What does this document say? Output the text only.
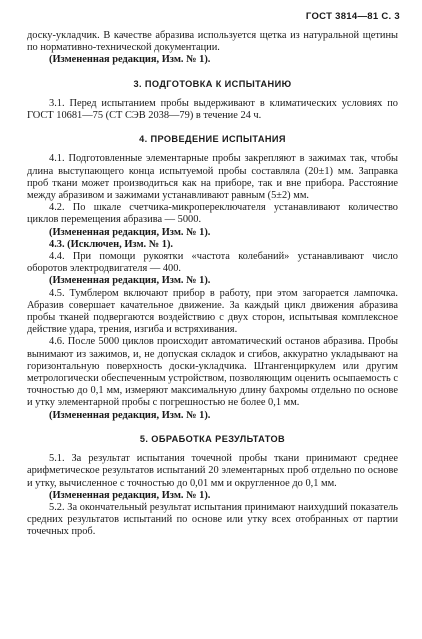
ГОСТ 3814—81 С. 3

доску-укладчик. В качестве абразива используется щетка из натуральной щетины по нормативно-технической документации.

(Измененная редакция, Изм. № 1).

3. ПОДГОТОВКА К ИСПЫТАНИЮ

3.1. Перед испытанием пробы выдерживают в климатических условиях по ГОСТ 10681—75 (СТ СЭВ 2038—79) в течение 24 ч.

4. ПРОВЕДЕНИЕ ИСПЫТАНИЯ

4.1. Подготовленные элементарные пробы закрепляют в зажимах так, чтобы длина выступающего конца испытуемой пробы составляла (20±1) мм. Заправка проб ткани может производиться как на приборе, так и вне прибора. Расстояние между абразивом и зажимами устанавливают равным (5±2) мм.

4.2. По шкале счетчика-микропереключателя устанавливают количество циклов перемещения абразива — 5000.

(Измененная редакция, Изм. № 1).

4.3. (Исключен, Изм. № 1).

4.4. При помощи рукоятки «частота колебаний» устанавливают число оборотов электродвигателя — 400.

(Измененная редакция, Изм. № 1).

4.5. Тумблером включают прибор в работу, при этом загорается лампочка. Абразив совершает качательное движение. За каждый цикл движения абразива пробы тканей подвергаются воздействию с двух сторон, испытывая комплексное действие удара, трения, изгиба и встряхивания.

4.6. После 5000 циклов происходит автоматический останов абразива. Пробы вынимают из зажимов, и, не допуская складок и сгибов, аккуратно укладывают на горизонтальную поверхность доски-укладчика. Штангенциркулем или другим метрологически обеспеченным устройством, позволяющим оценить осыпаемость с точностью до 0,1 мм, измеряют максимальную длину бахромы отдельно по основе и утку элементарной пробы с погрешностью не более 0,1 мм.

(Измененная редакция, Изм. № 1).

5. ОБРАБОТКА РЕЗУЛЬТАТОВ

5.1. За результат испытания точечной пробы ткани принимают среднее арифметическое результатов испытаний 20 элементарных проб отдельно по основе и утку, вычисленное с точностью до 0,01 мм и округленное до 0,1 мм.

(Измененная редакция, Изм. № 1).

5.2. За окончательный результат испытания принимают наихудший показатель средних результатов испытаний по основе или утку всех отобранных от партии точечных проб.
